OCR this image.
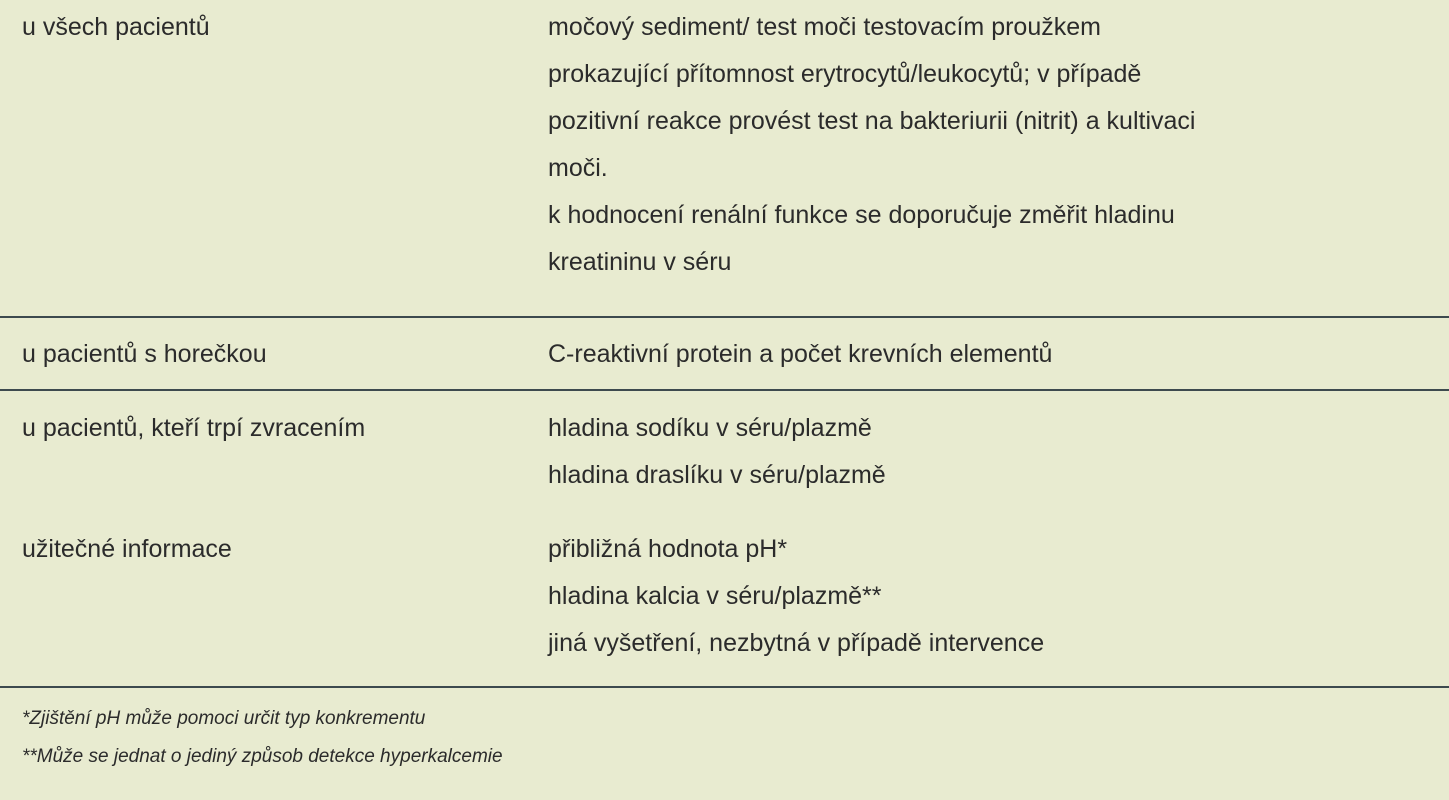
u všech pacientů	močový sediment/ test moči testovacím proužkem
prokazující přítomnost erytrocytů/leukocytů; v případě
pozitivní reakce provést test na bakteriurii (nitrit) a kultivaci
moči.
k hodnocení renální funkce se doporučuje změřit hladinu
kreatininu v séru
u pacientů s horečkou	C-reaktivní protein a počet krevních elementů
u pacientů, kteří trpí zvracením	hladina sodíku v séru/plazmě
hladina draslíku v séru/plazmě
užitečné informace	přibližná hodnota pH*
hladina kalcia v séru/plazmě**
jiná vyšetření, nezbytná v případě intervence
*Zjištění pH může pomoci určit typ konkrementu
**Může se jednat o jediný způsob detekce hyperkalcemie
